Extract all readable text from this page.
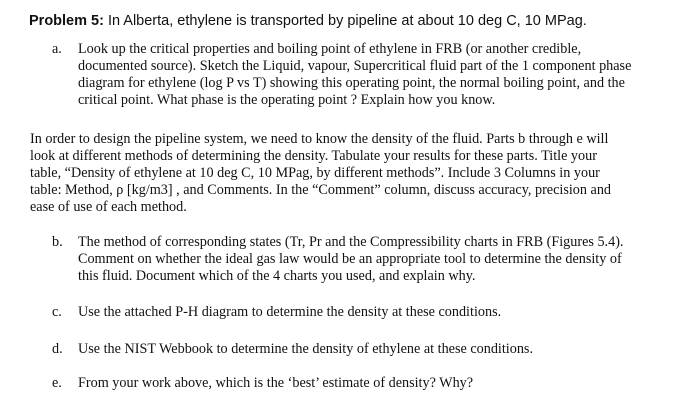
Problem 5: In Alberta, ethylene is transported by pipeline at about 10 deg C, 10 MPag.
a. Look up the critical properties and boiling point of ethylene in FRB (or another credible,
documented source). Sketch the Liquid, vapour, Supercritical fluid part of the 1 component phase
diagram for ethylene (log P vs T) showing this operating point, the normal boiling point, and the
critical point. What phase is the operating point ? Explain how you know.
In order to design the pipeline system, we need to know the density of the fluid. Parts b through e will
look at different methods of determining the density. Tabulate your results for these parts. Title your
table, “Density of ethylene at 10 deg C, 10 MPag, by different methods”. Include 3 Columns in your
table: Method, ρ [kg/m3] , and Comments. In the “Comment” column, discuss accuracy, precision and
ease of use of each method.
b. The method of corresponding states (Tr, Pr and the Compressibility charts in FRB (Figures 5.4).
Comment on whether the ideal gas law would be an appropriate tool to determine the density of
this fluid. Document which of the 4 charts you used, and explain why.
c. Use the attached P-H diagram to determine the density at these conditions.
d. Use the NIST Webbook to determine the density of ethylene at these conditions.
e. From your work above, which is the ‘best’ estimate of density? Why?
